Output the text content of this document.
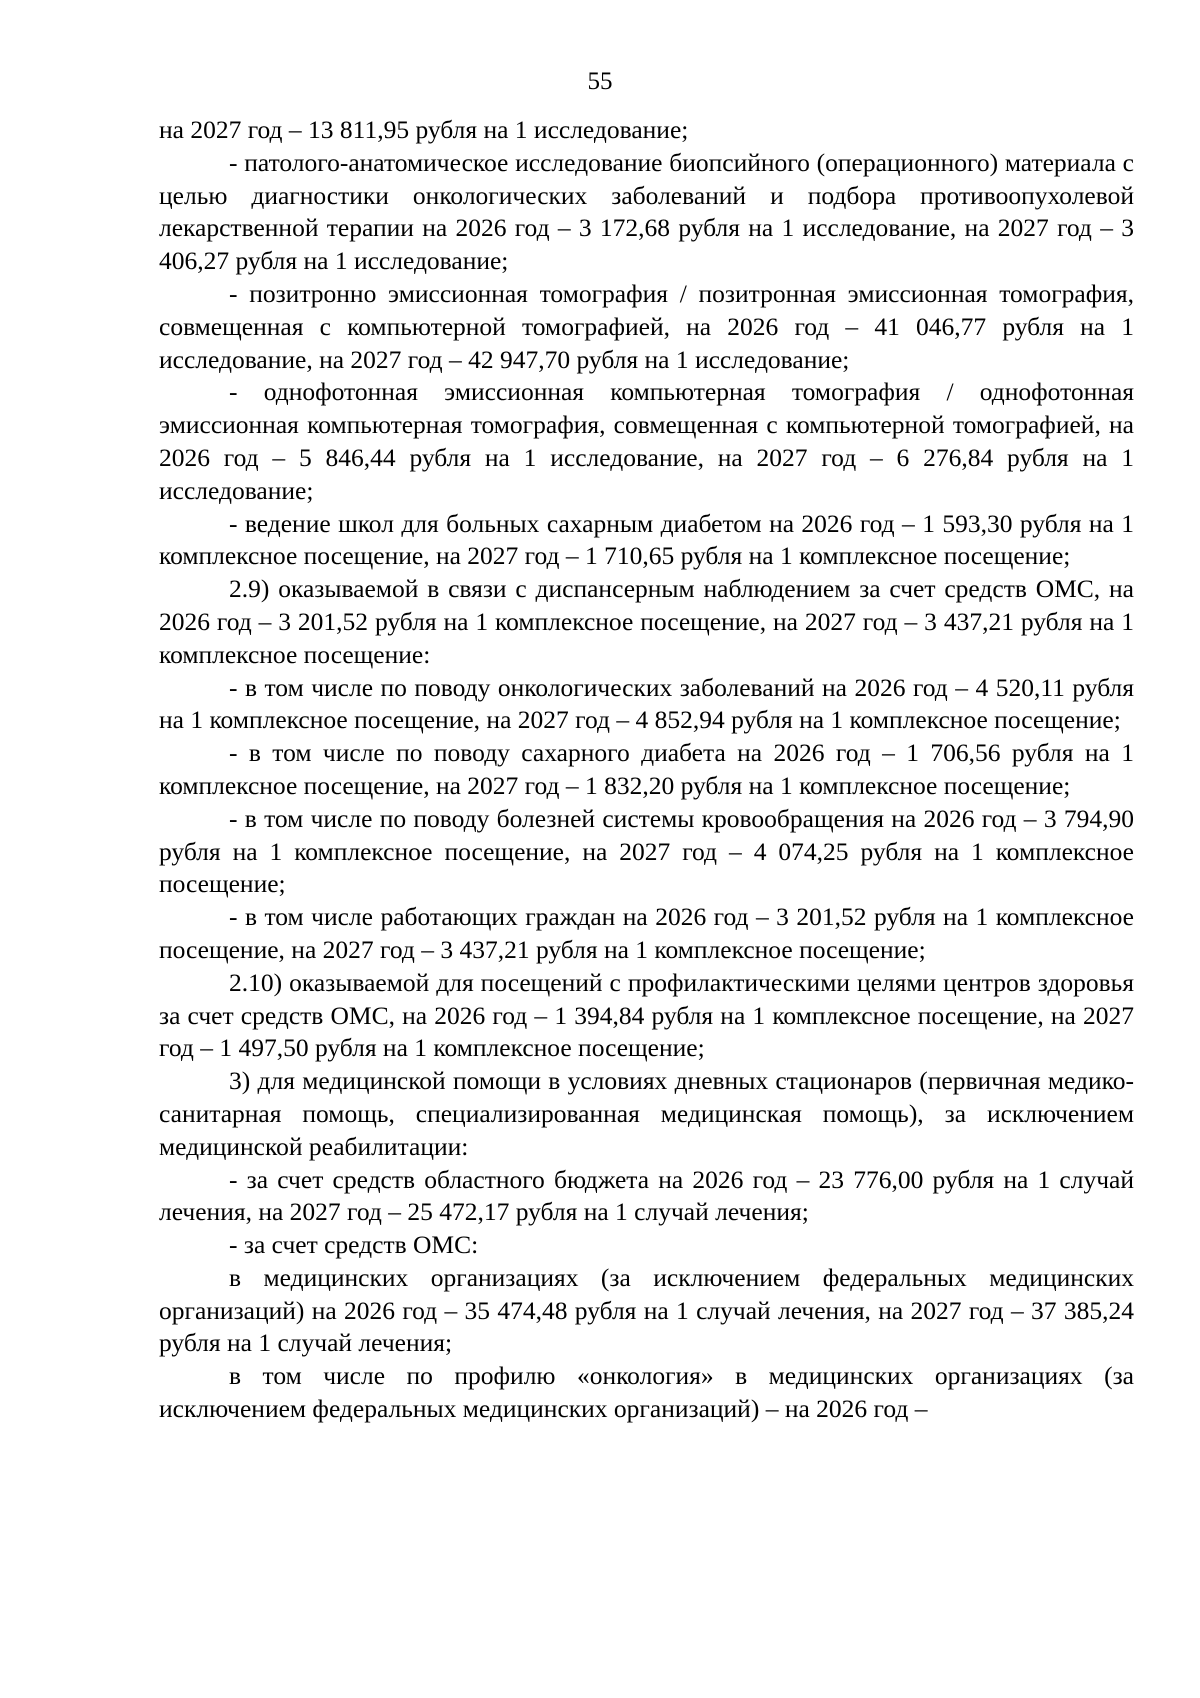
55

на 2027 год – 13 811,95 рубля на 1 исследование;

- патолого-анатомическое исследование биопсийного (операционного) материала с целью диагностики онкологических заболеваний и подбора противоопухолевой лекарственной терапии на 2026 год – 3 172,68 рубля на 1 исследование, на 2027 год – 3 406,27 рубля на 1 исследование;

- позитронно эмиссионная томография / позитронная эмиссионная томография, совмещенная с компьютерной томографией, на 2026 год – 41 046,77 рубля на 1 исследование, на 2027 год – 42 947,70 рубля на 1 исследование;

- однофотонная эмиссионная компьютерная томография / однофотонная эмиссионная компьютерная томография, совмещенная с компьютерной томографией, на 2026 год – 5 846,44 рубля на 1 исследование, на 2027 год – 6 276,84 рубля на 1 исследование;

- ведение школ для больных сахарным диабетом на 2026 год – 1 593,30 рубля на 1 комплексное посещение, на 2027 год – 1 710,65 рубля на 1 комплексное посещение;

2.9) оказываемой в связи с диспансерным наблюдением за счет средств ОМС, на 2026 год – 3 201,52 рубля на 1 комплексное посещение, на 2027 год – 3 437,21 рубля на 1 комплексное посещение:

- в том числе по поводу онкологических заболеваний на 2026 год – 4 520,11 рубля на 1 комплексное посещение, на 2027 год – 4 852,94 рубля на 1 комплексное посещение;

- в том числе по поводу сахарного диабета на 2026 год – 1 706,56 рубля на 1 комплексное посещение, на 2027 год – 1 832,20 рубля на 1 комплексное посещение;

- в том числе по поводу болезней системы кровообращения на 2026 год – 3 794,90 рубля на 1 комплексное посещение, на 2027 год – 4 074,25 рубля на 1 комплексное посещение;

- в том числе работающих граждан на 2026 год – 3 201,52 рубля на 1 комплексное посещение, на 2027 год – 3 437,21 рубля на 1 комплексное посещение;

2.10) оказываемой для посещений с профилактическими целями центров здоровья за счет средств ОМС, на 2026 год – 1 394,84 рубля на 1 комплексное посещение, на 2027 год – 1 497,50 рубля на 1 комплексное посещение;

3) для медицинской помощи в условиях дневных стационаров (первичная медико-санитарная помощь, специализированная медицинская помощь), за исключением медицинской реабилитации:

- за счет средств областного бюджета на 2026 год – 23 776,00 рубля на 1 случай лечения, на 2027 год – 25 472,17 рубля на 1 случай лечения;

- за счет средств ОМС:

в медицинских организациях (за исключением федеральных медицинских организаций) на 2026 год – 35 474,48 рубля на 1 случай лечения, на 2027 год – 37 385,24 рубля на 1 случай лечения;

в том числе по профилю «онкология» в медицинских организациях (за исключением федеральных медицинских организаций) – на 2026 год –
